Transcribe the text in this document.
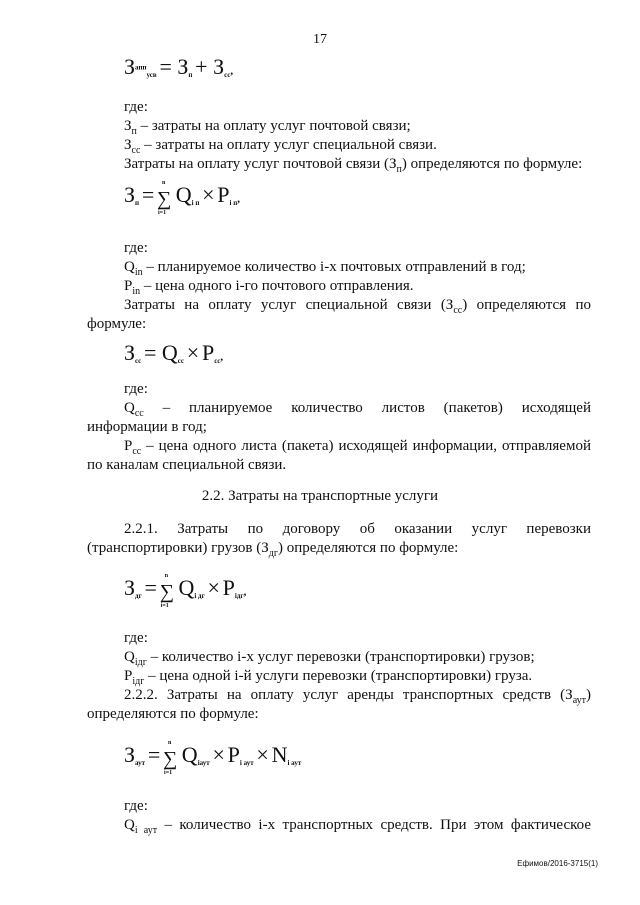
17
$З^{апп}_{усв} = З_п + З_{сс}$,
где:
$З_п$ – затраты на оплату услуг почтовой связи;
$З_{сс}$ – затраты на оплату услуг специальной связи.
Затраты на оплату услуг почтовой связи $(З_п)$ определяются по формуле:
$З_п = n$
∑
i=1
$Q_{i п} \times P_{i п}$,
где:
$Q_{in}$ – планируемое количество i-х почтовых отправлений в год;
$P_{in}$ – цена одного i-го почтового отправления.
Затраты на оплату услуг специальной связи $(З_{сс})$ определяются по
формуле:
$З_{сс} = Q_{сс} \times P_{сс}$,
где:
$Q_{сс}$ – планируемое количество листов (пакетов) исходящей
информации в год;
$P_{сс}$ – цена одного листа (пакета) исходящей информации, отправляемой
по каналам специальной связи.
2.2. Затраты на транспортные услуги
2.2.1. Затраты по договору об оказании услуг перевозки
(транспортировки) грузов $(З_{дг})$ определяются по формуле:
$З_{дг} = n$
∑
i=1
$Q_{i дг} \times P_{iдг}$,
где:
$Q_{iдг}$ – количество i-х услуг перевозки (транспортировки) грузов;
$P_{iдг}$ – цена одной i-й услуги перевозки (транспортировки) груза.
2.2.2. Затраты на оплату услуг аренды транспортных средств $(З_{аут})$
определяются по формуле:
$З_{аут} = n$
∑
i=1
$Q_{iаут} \times P_{i аут} \times N_{i аут}$
где:
$Q_{i аут}$ – количество i-х транспортных средств. При этом фактическое
Ефимов/2016-3715(1)
